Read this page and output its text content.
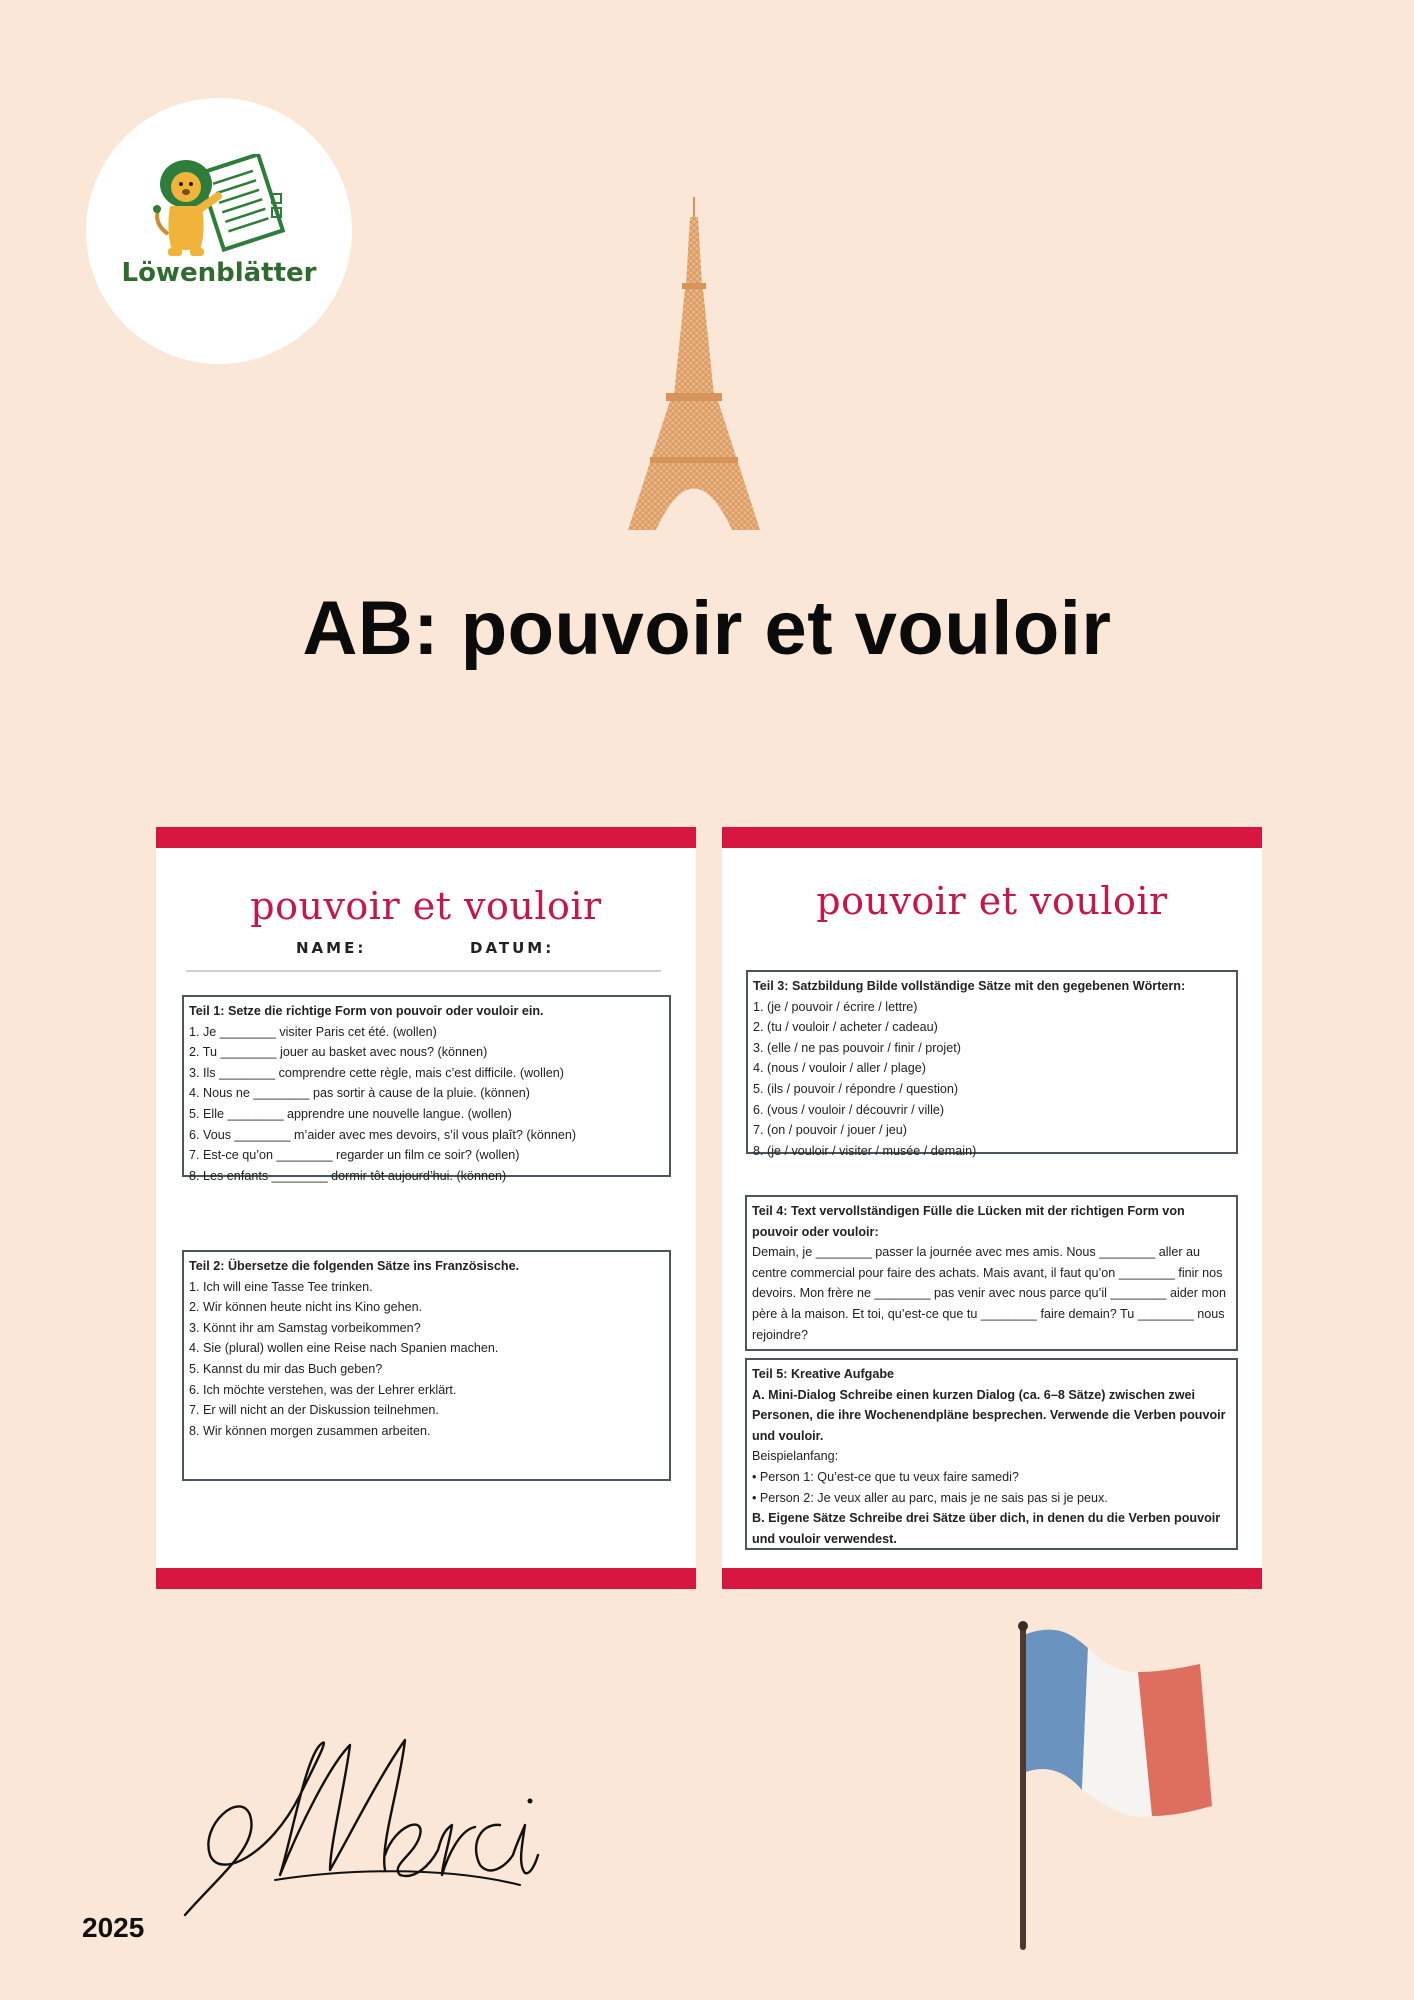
Löwenblätter
AB: pouvoir et vouloir
pouvoir et vouloir
NAME:	DATUM:
Teil 1: Setze die richtige Form von pouvoir oder vouloir ein.
1. Je ________ visiter Paris cet été. (wollen)
2. Tu ________ jouer au basket avec nous? (können)
3. Ils ________ comprendre cette règle, mais c’est difficile. (wollen)
4. Nous ne ________ pas sortir à cause de la pluie. (können)
5. Elle ________ apprendre une nouvelle langue. (wollen)
6. Vous ________ m’aider avec mes devoirs, s’il vous plaît? (können)
7. Est-ce qu’on ________ regarder un film ce soir? (wollen)
8. Les enfants ________ dormir tôt aujourd’hui. (können)
Teil 2: Übersetze die folgenden Sätze ins Französische.
1. Ich will eine Tasse Tee trinken.
2. Wir können heute nicht ins Kino gehen.
3. Könnt ihr am Samstag vorbeikommen?
4. Sie (plural) wollen eine Reise nach Spanien machen.
5. Kannst du mir das Buch geben?
6. Ich möchte verstehen, was der Lehrer erklärt.
7. Er will nicht an der Diskussion teilnehmen.
8. Wir können morgen zusammen arbeiten.
pouvoir et vouloir
Teil 3: Satzbildung Bilde vollständige Sätze mit den gegebenen Wörtern:
1. (je / pouvoir / écrire / lettre)
2. (tu / vouloir / acheter / cadeau)
3. (elle / ne pas pouvoir / finir / projet)
4. (nous / vouloir / aller / plage)
5. (ils / pouvoir / répondre / question)
6. (vous / vouloir / découvrir / ville)
7. (on / pouvoir / jouer / jeu)
8. (je / vouloir / visiter / musée / demain)
Teil 4: Text vervollständigen Fülle die Lücken mit der richtigen Form von pouvoir oder vouloir:
Demain, je ________ passer la journée avec mes amis. Nous ________ aller au centre commercial pour faire des achats. Mais avant, il faut qu’on ________ finir nos devoirs. Mon frère ne ________ pas venir avec nous parce qu’il ________ aider mon père à la maison. Et toi, qu’est-ce que tu ________ faire demain? Tu ________ nous rejoindre?
Teil 5: Kreative Aufgabe
A. Mini-Dialog Schreibe einen kurzen Dialog (ca. 6–8 Sätze) zwischen zwei Personen, die ihre Wochenendpläne besprechen. Verwende die Verben pouvoir und vouloir.
Beispielanfang:
• Person 1: Qu’est-ce que tu veux faire samedi?
• Person 2: Je veux aller au parc, mais je ne sais pas si je peux.
B. Eigene Sätze Schreibe drei Sätze über dich, in denen du die Verben pouvoir und vouloir verwendest.
2025
